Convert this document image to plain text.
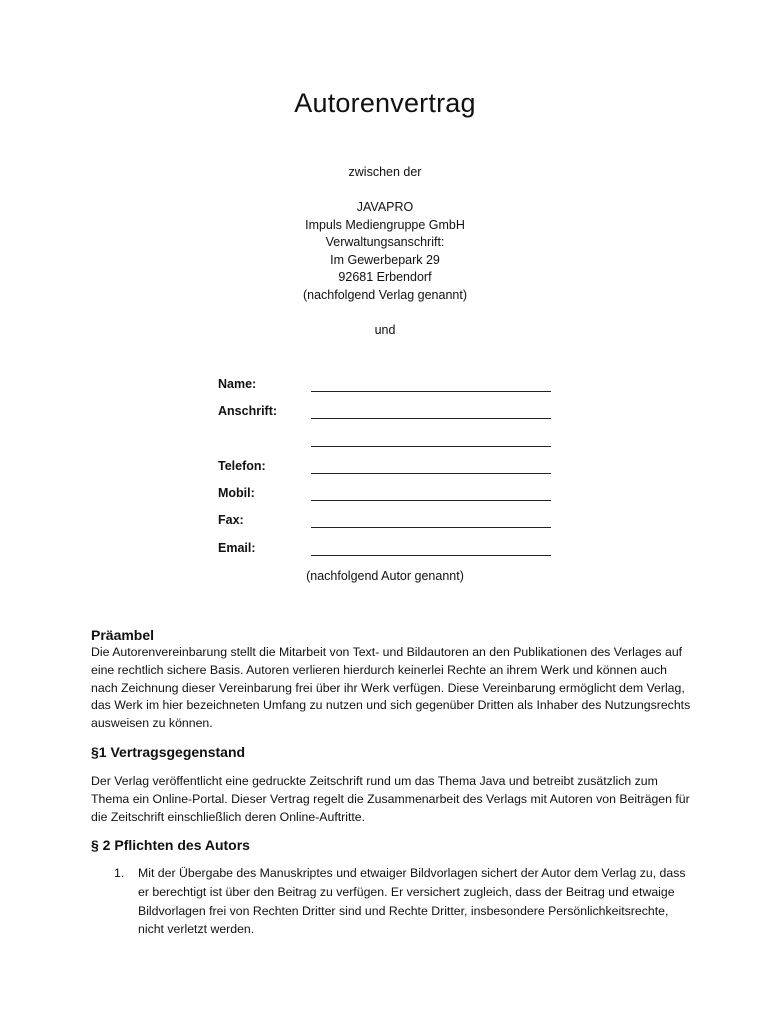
Autorenvertrag
zwischen der
JAVAPRO
Impuls Mediengruppe GmbH
Verwaltungsanschrift:
Im Gewerbepark 29
92681 Erbendorf
(nachfolgend Verlag genannt)
und
Name:
Anschrift:
Telefon:
Mobil:
Fax:
Email:
(nachfolgend Autor genannt)
Präambel

Die Autorenvereinbarung stellt die Mitarbeit von Text- und Bildautoren an den Publikationen des Verlages auf eine rechtlich sichere Basis. Autoren verlieren hierdurch keinerlei Rechte an ihrem Werk und können auch nach Zeichnung dieser Vereinbarung frei über ihr Werk verfügen. Diese Vereinbarung ermöglicht dem Verlag, das Werk im hier bezeichneten Umfang zu nutzen und sich gegenüber Dritten als Inhaber des Nutzungsrechts ausweisen zu können.

§1 Vertragsgegenstand

Der Verlag veröffentlicht eine gedruckte Zeitschrift rund um das Thema Java und betreibt zusätzlich zum Thema ein Online-Portal. Dieser Vertrag regelt die Zusammenarbeit des Verlags mit Autoren von Beiträgen für die Zeitschrift einschließlich deren Online-Auftritte.

§ 2 Pflichten des Autors
1. Mit der Übergabe des Manuskriptes und etwaiger Bildvorlagen sichert der Autor dem Verlag zu, dass er berechtigt ist über den Beitrag zu verfügen. Er versichert zugleich, dass der Beitrag und etwaige Bildvorlagen frei von Rechten Dritter sind und Rechte Dritter, insbesondere Persönlichkeitsrechte, nicht verletzt werden.
